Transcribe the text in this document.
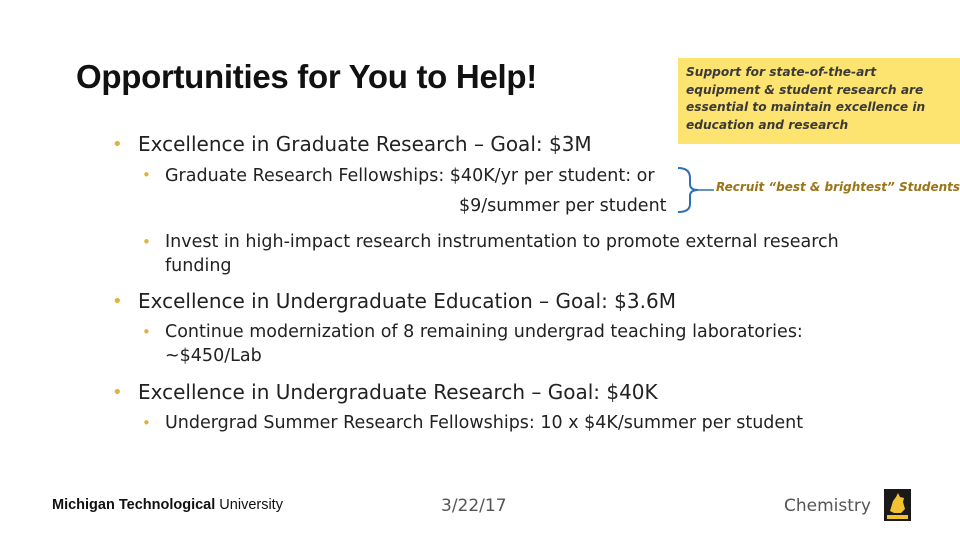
Opportunities for You to Help!	Support for state-of-the-art equipment & student research are essential to maintain excellence in education and research
• Excellence in Graduate Research – Goal: $3M
• Graduate Research Fellowships: $40K/yr per student: or
$9/summer per student
Recruit “best & brightest” Students
• Invest in high-impact research instrumentation to promote external research
funding
• Excellence in Undergraduate Education – Goal: $3.6M
• Continue modernization of 8 remaining undergrad teaching laboratories:
~$450/Lab
• Excellence in Undergraduate Research – Goal: $40K
• Undergrad Summer Research Fellowships: 10 x $4K/summer per student
Michigan Technological University	3/22/17	Chemistry
